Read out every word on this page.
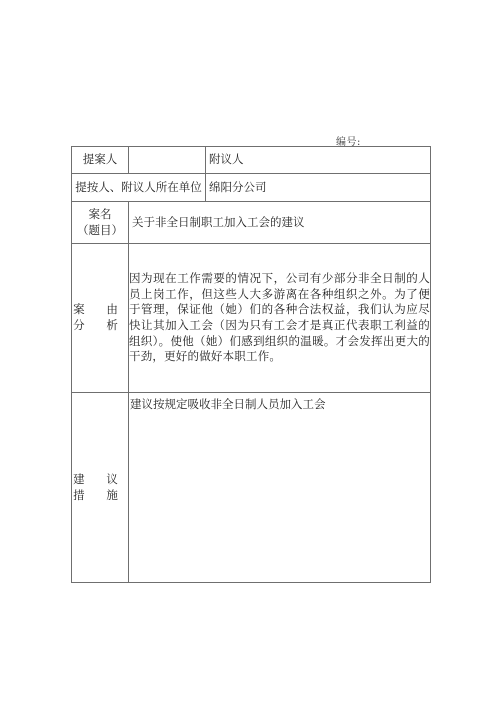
编号:
提案人		附议人
提按人、附议人所在单位		绵阳分公司

案名
（题目）	关于非全日制职工加入工会的建议	

案 由
分 析	因为现在工作需要的情况下，公司有少部分非全日制的人员上岗工作，但这些人大多游离在各种组织之外。为了便于管理，保证他（她）们的各种合法权益，我们认为应尽快让其加入工会（因为只有工会才是真正代表职工利益的组织）。使他（她）们感到组织的温暖。才会发挥出更大的干劲，更好的做好本职工作。	

建 议
措 施	建议按规定吸收非全日制人员加入工会	
